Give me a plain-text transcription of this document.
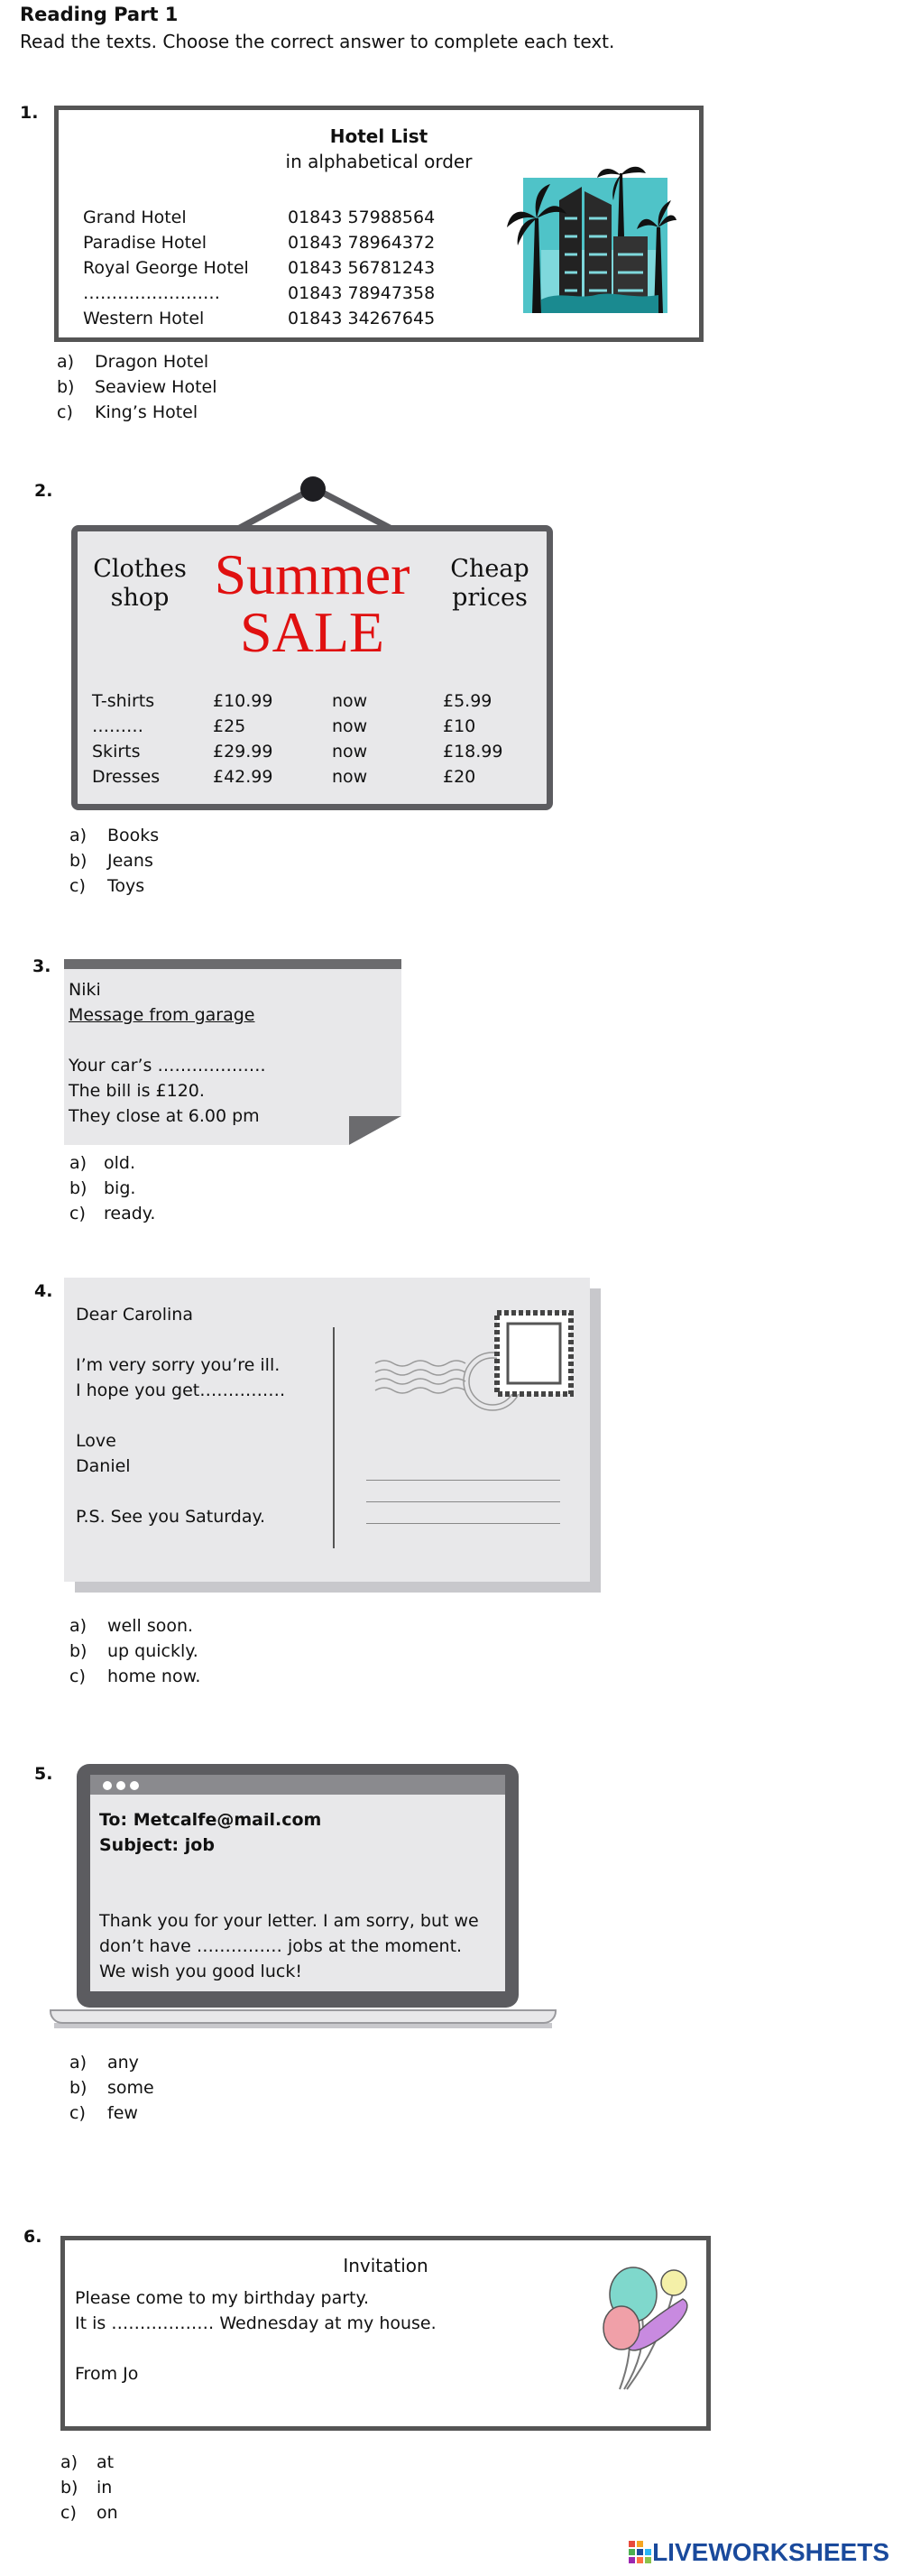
Reading Part 1
Read the texts. Choose the correct answer to complete each text.
1.
Hotel List
in alphabetical order
Grand Hotel	01843 57988564
Paradise Hotel	01843 78964372
Royal George Hotel 01843 56781243
……………………	01843 78947358
Western Hotel	01843 34267645
a)	Dragon Hotel
b)	Seaview Hotel
c)	King’s Hotel
2.
Clothes
shop Summer
SALE
Cheap
prices
T-shirts	£10.99	now	£5.99
………	£25	now	£10
Skirts	£29.99	now	£18.99
Dresses	£42.99	now	£20
a)	Books
b)	Jeans
c)	Toys
3.
Niki
Message from garage
Your car’s ……………….
The bill is £120.
They close at 6.00 pm
a) old.
b) big.
c)	ready.
4.
Dear Carolina
I’m very sorry you’re ill.
I hope you get……………
Love
Daniel
P.S. See you Saturday.
a)	well soon.
b)	up quickly.
c)	home now.
5.
To: Metcalfe@mail.com
Subject: job
Thank you for your letter. I am sorry, but we
don’t have …………… jobs at the moment.
We wish you good luck!
a)	any
b)	some
c)	few
6.
Invitation
Please come to my birthday party.
It is ……………… Wednesday at my house.
From Jo
a)	at
b)	in
c)	on
LIVEWORKSHEETS
